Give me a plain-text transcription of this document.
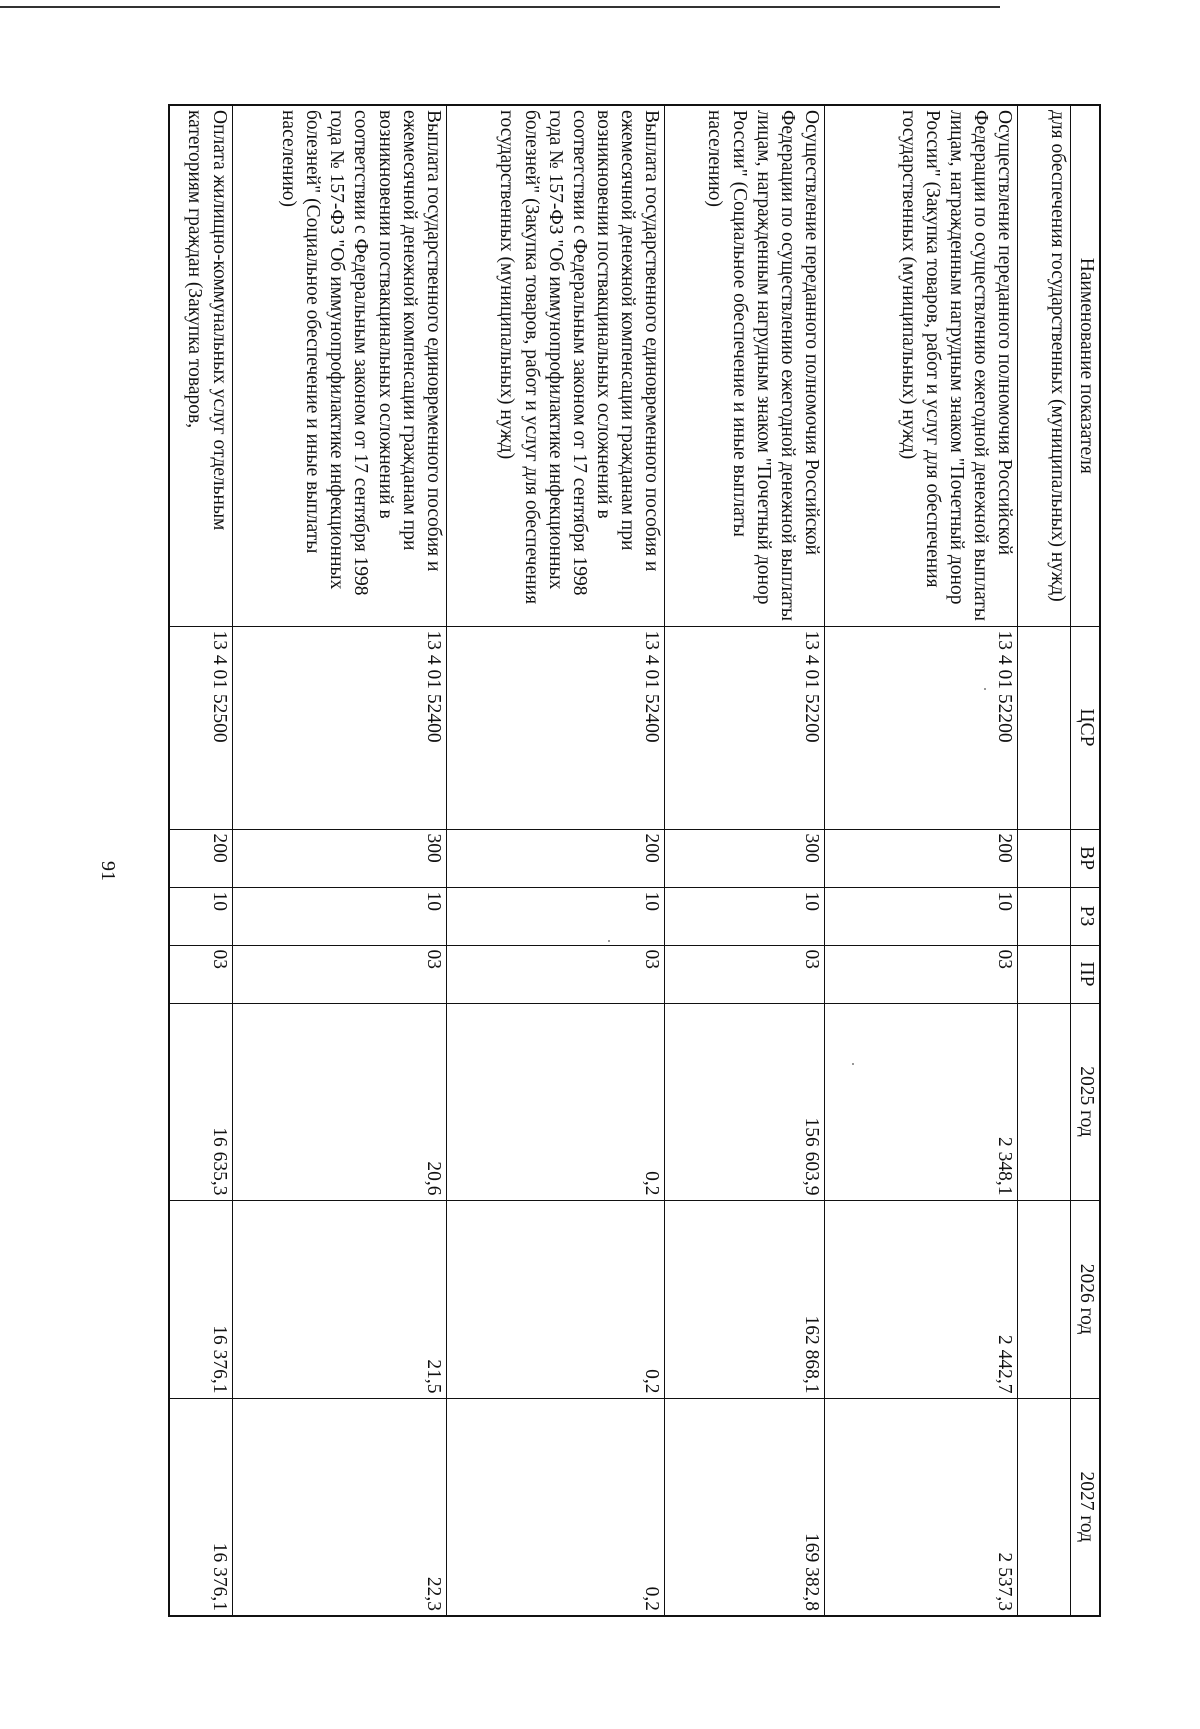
91
Наименование показателя	ЦСР	ВР	РЗ	ПР	2025 год	2026 год	2027 год
для обеспечения государственных (муниципальных) нужд)							
Осуществление переданного полномочия Российской Федерации по осуществлению ежегодной денежной выплаты лицам, награжденным нагрудным знаком "Почетный донор России" (Закупка товаров, работ и услуг для обеспечения государственных (муниципальных) нужд)	13 4 01 52200	200	10	03	2 348,1	2 442,7	2 537,3
Осуществление переданного полномочия Российской Федерации по осуществлению ежегодной денежной выплаты лицам, награжденным нагрудным знаком "Почетный донор России" (Социальное обеспечение и иные выплаты населению)	13 4 01 52200	300	10	03	156 603,9	162 868,1	169 382,8
Выплата государственного единовременного пособия и ежемесячной денежной компенсации гражданам при возникновении поствакцинальных осложнений в соответствии с Федеральным законом от 17 сентября 1998 года № 157-ФЗ "Об иммунопрофилактике инфекционных болезней" (Закупка товаров, работ и услуг для обеспечения государственных (муниципальных) нужд)	13 4 01 52400	200	10	03	0,2	0,2	0,2
Выплата государственного единовременного пособия и ежемесячной денежной компенсации гражданам при возникновении поствакцинальных осложнений в соответствии с Федеральным законом от 17 сентября 1998 года № 157-ФЗ "Об иммунопрофилактике инфекционных болезней" (Социальное обеспечение и иные выплаты населению)	13 4 01 52400	300	10	03	20,6	21,5	22,3
Оплата жилищно-коммунальных услуг отдельным категориям граждан (Закупка товаров,	13 4 01 52500	200	10	03	16 635,3	16 376,1	16 376,1
